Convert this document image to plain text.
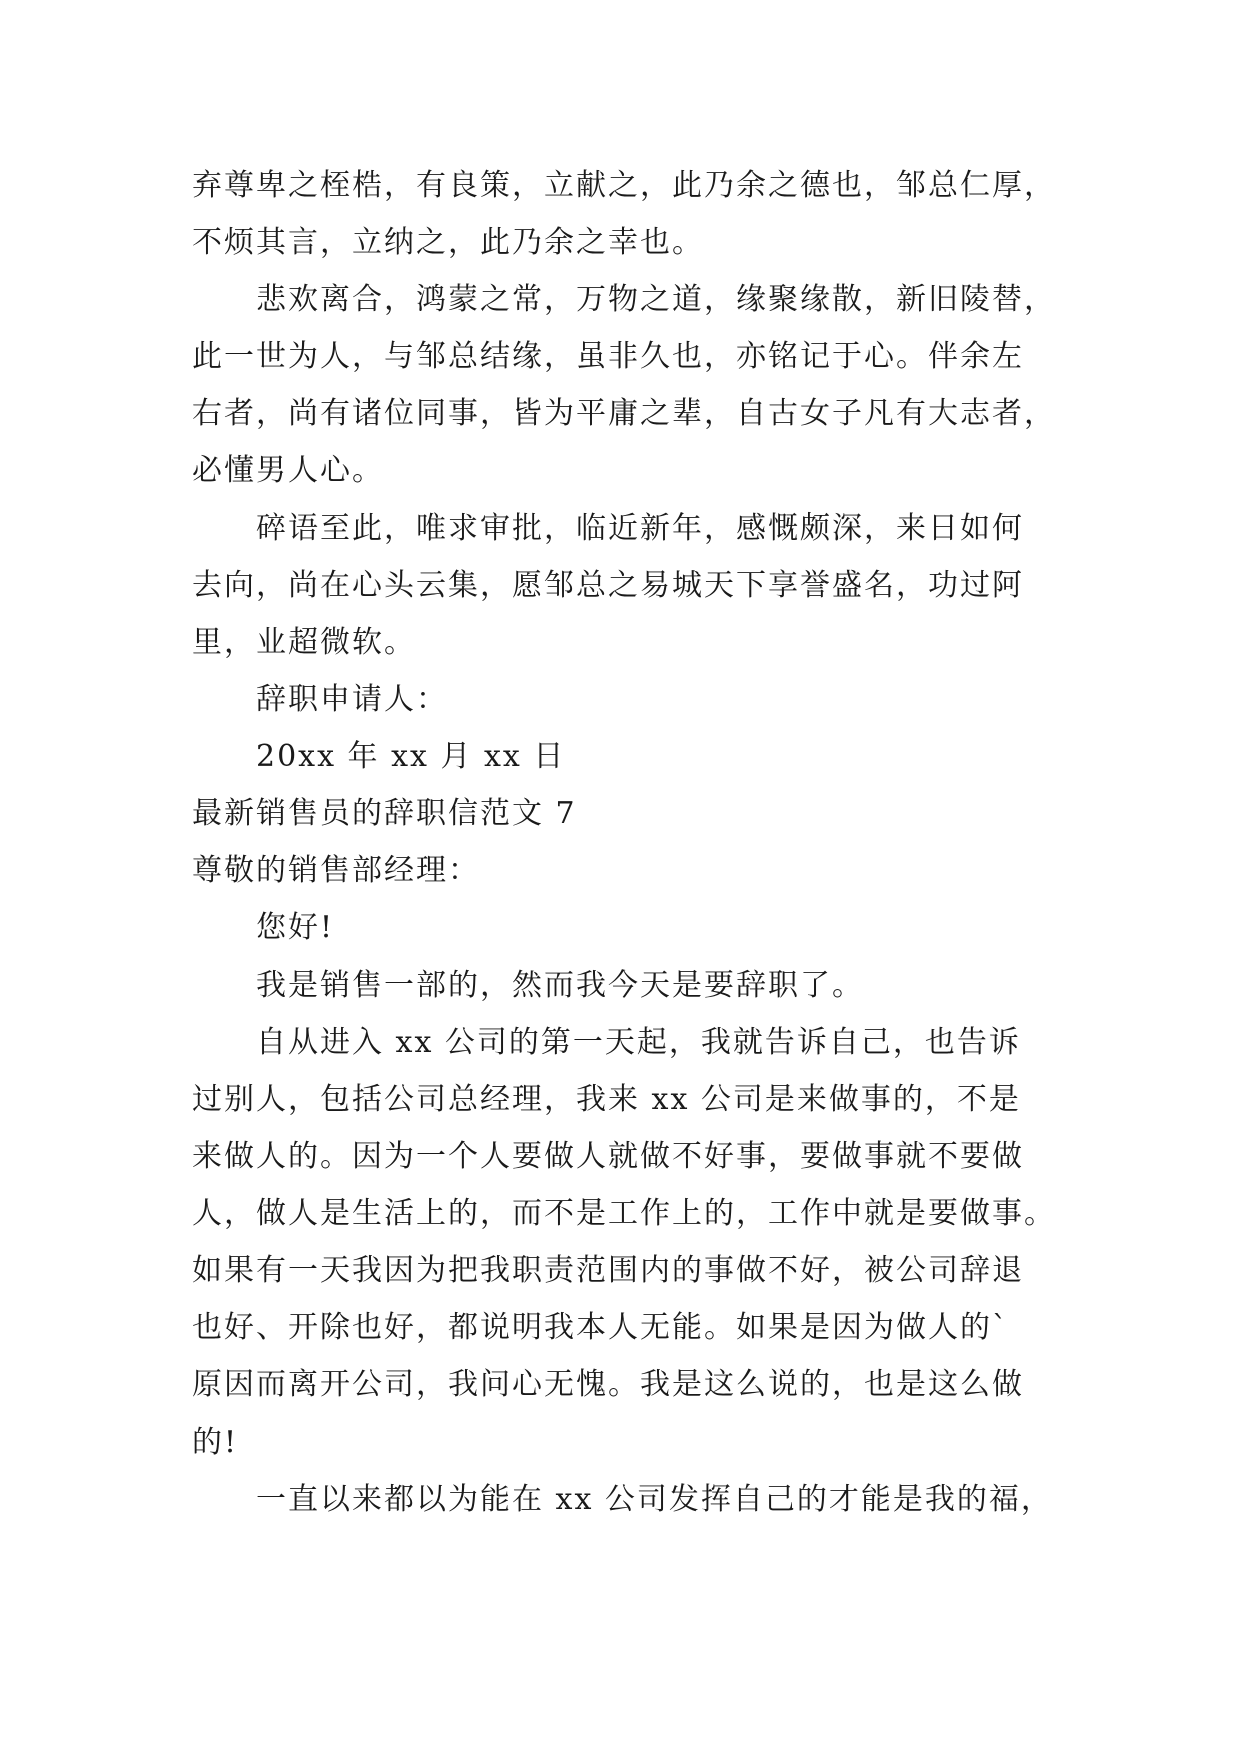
弃尊卑之桎梏，有良策，立献之，此乃余之德也，邹总仁厚，
不烦其言，立纳之，此乃余之幸也。
悲欢离合，鸿蒙之常，万物之道，缘聚缘散，新旧陵替，
此一世为人，与邹总结缘，虽非久也，亦铭记于心。伴余左
右者，尚有诸位同事，皆为平庸之辈，自古女子凡有大志者，
必懂男人心。
碎语至此，唯求审批，临近新年，感慨颇深，来日如何
去向，尚在心头云集，愿邹总之易城天下享誉盛名，功过阿
里，业超微软。
辞职申请人：
20xx 年 xx 月 xx 日
最新销售员的辞职信范文 7
尊敬的销售部经理：
您好!
我是销售一部的，然而我今天是要辞职了。
自从进入 xx 公司的第一天起，我就告诉自己，也告诉
过别人，包括公司总经理，我来 xx 公司是来做事的，不是
来做人的。因为一个人要做人就做不好事，要做事就不要做
人，做人是生活上的，而不是工作上的，工作中就是要做事。
如果有一天我因为把我职责范围内的事做不好，被公司辞退
也好、开除也好，都说明我本人无能。如果是因为做人的`
原因而离开公司，我问心无愧。我是这么说的，也是这么做
的!
一直以来都以为能在 xx 公司发挥自己的才能是我的福，
